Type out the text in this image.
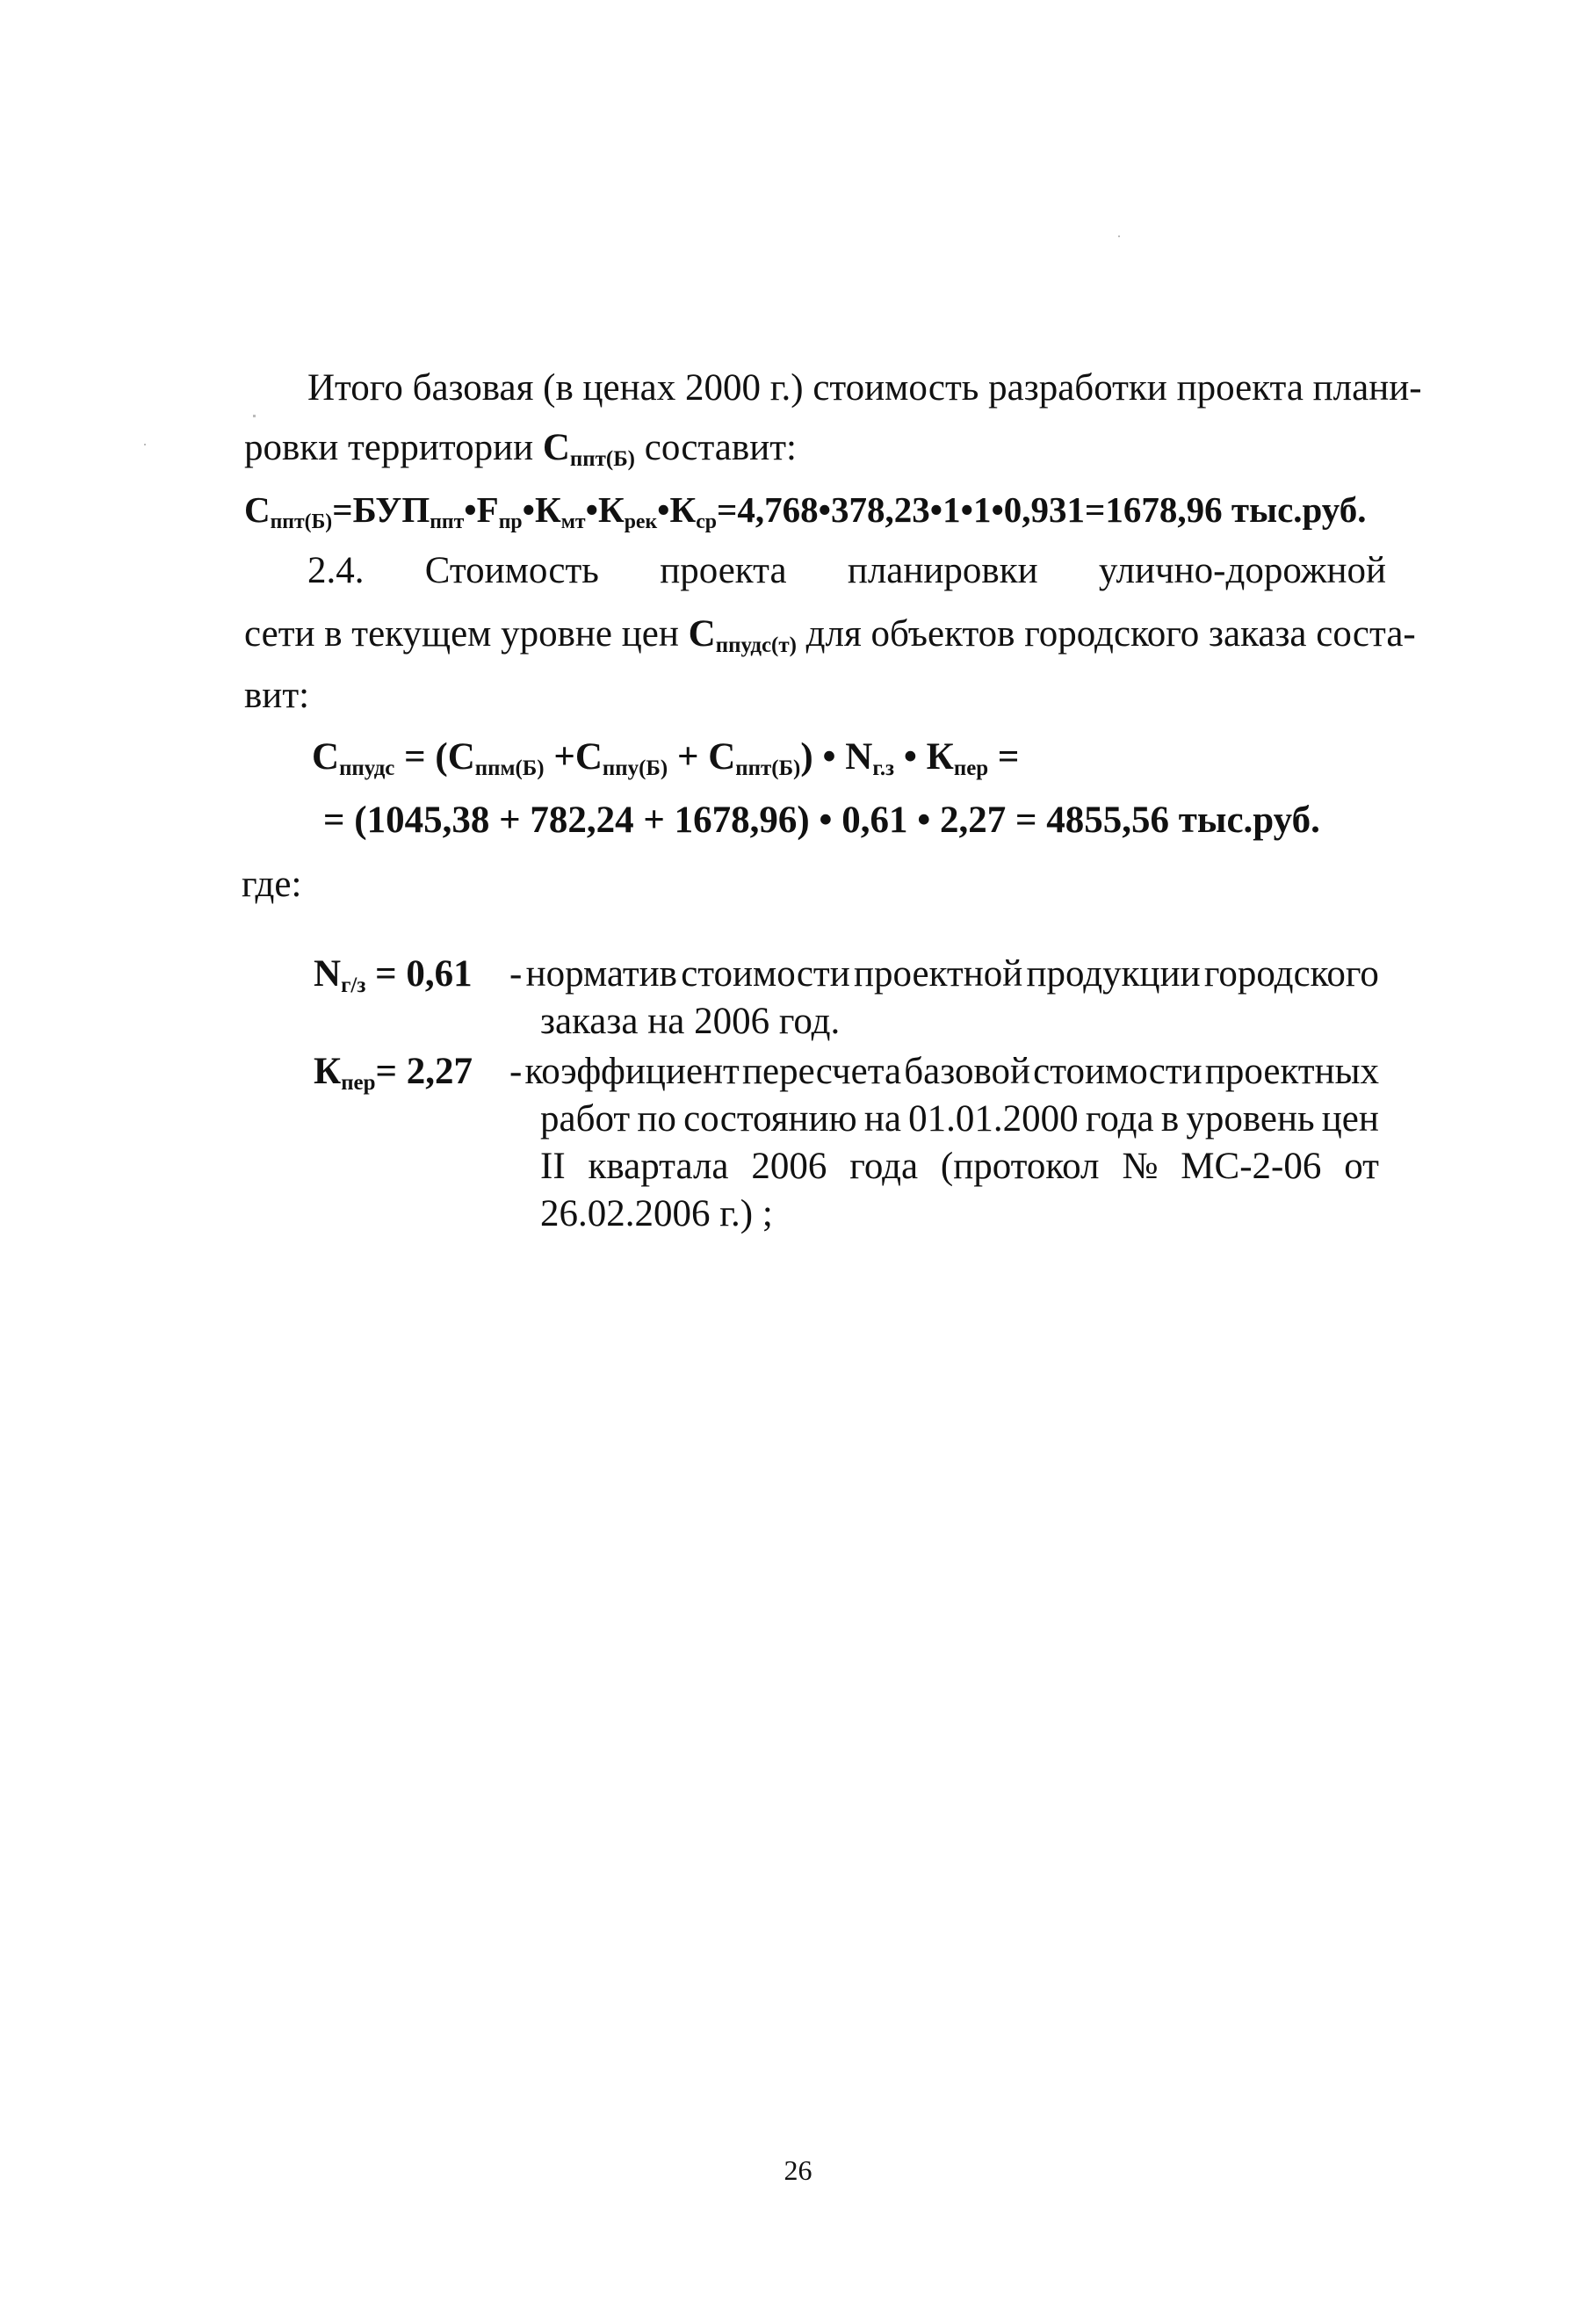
Итого базовая (в ценах 2000 г.) стоимость разработки проекта плани-
ровки территории $С_{ппт(Б)}$ составит:
$С_{ппт(Б)}=БУП_{ппт}•F_{пр}•К_{мт}•К_{рек}•К_{ср}=4,768•378,23•1•1•0,931=1678,96$ тыс.руб.
2.4. Стоимость проекта планировки улично-дорожной
сети в текущем уровне цен $С_{ппудс(т)}$ для объектов городского заказа соста-
вит:
$С_{ппудс} = (С_{ппм(Б)} +С_{ппу(Б)} + С_{ппт(Б)})$ • $N_{г.з}$ • $К_{пер}$ =
= (1045,38 + 782,24 + 1678,96) • 0,61 • 2,27 = 4855,56 тыс.руб.
где:
$N_{г/з} = 0,61$ - норматив стоимости проектной продукции городского
заказа на 2006 год.
$К_{пер}= 2,27$ - коэффициент пересчета базовой стоимости проектных
работ по состоянию на 01.01.2000 года в уровень цен
II квартала 2006 года (протокол № МС-2-06 от
26.02.2006 г.) ;
26
